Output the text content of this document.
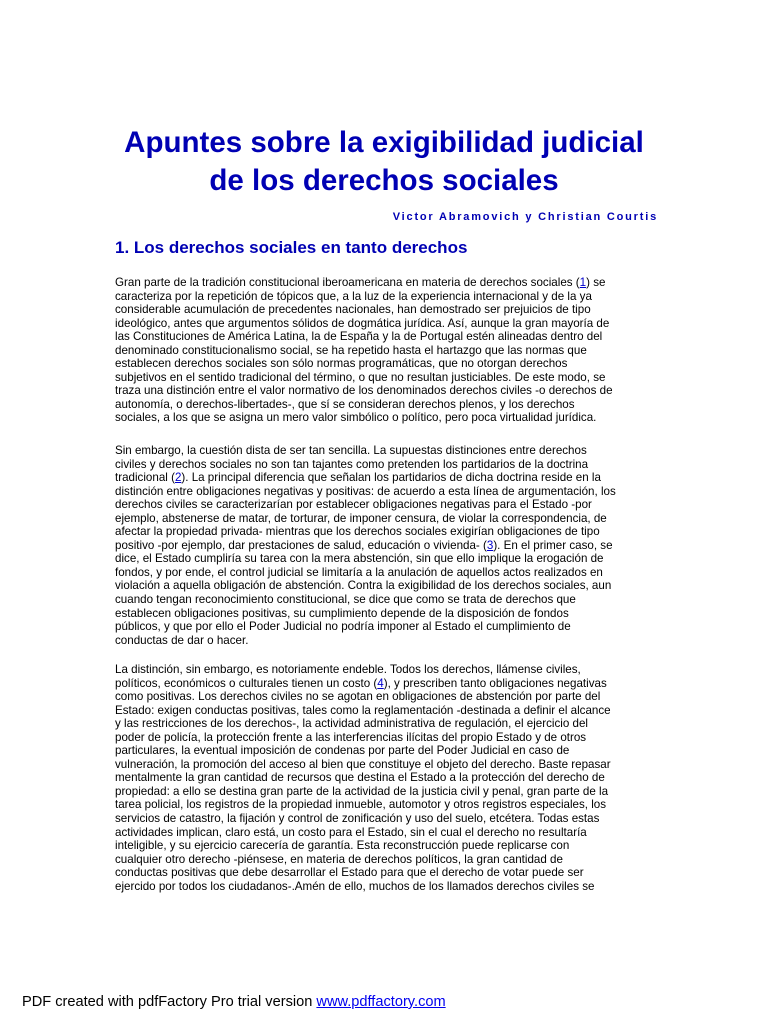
Apuntes sobre la exigibilidad judicial
de los derechos sociales

Victor Abramovich y Christian Courtis

1. Los derechos sociales en tanto derechos

Gran parte de la tradición constitucional iberoamericana en materia de derechos sociales (1) se
caracteriza por la repetición de tópicos que, a la luz de la experiencia internacional y de la ya
considerable acumulación de precedentes nacionales, han demostrado ser prejuicios de tipo
ideológico, antes que argumentos sólidos de dogmática jurídica. Así, aunque la gran mayoría de
las Constituciones de América Latina, la de España y la de Portugal estén alineadas dentro del
denominado constitucionalismo social, se ha repetido hasta el hartazgo que las normas que
establecen derechos sociales son sólo normas programáticas, que no otorgan derechos
subjetivos en el sentido tradicional del término, o que no resultan justiciables. De este modo, se
traza una distinción entre el valor normativo de los denominados derechos civiles -o derechos de
autonomía, o derechos-libertades-, que sí se consideran derechos plenos, y los derechos
sociales, a los que se asigna un mero valor simbólico o político, pero poca virtualidad jurídica.

Sin embargo, la cuestión dista de ser tan sencilla. La supuestas distinciones entre derechos
civiles y derechos sociales no son tan tajantes como pretenden los partidarios de la doctrina
tradicional (2). La principal diferencia que señalan los partidarios de dicha doctrina reside en la
distinción entre obligaciones negativas y positivas: de acuerdo a esta línea de argumentación, los
derechos civiles se caracterizarían por establecer obligaciones negativas para el Estado -por
ejemplo, abstenerse de matar, de torturar, de imponer censura, de violar la correspondencia, de
afectar la propiedad privada- mientras que los derechos sociales exigirían obligaciones de tipo
positivo -por ejemplo, dar prestaciones de salud, educación o vivienda- (3). En el primer caso, se
dice, el Estado cumpliría su tarea con la mera abstención, sin que ello implique la erogación de
fondos, y por ende, el control judicial se limitaría a la anulación de aquellos actos realizados en
violación a aquella obligación de abstención. Contra la exigibilidad de los derechos sociales, aun
cuando tengan reconocimiento constitucional, se dice que como se trata de derechos que
establecen obligaciones positivas, su cumplimiento depende de la disposición de fondos
públicos, y que por ello el Poder Judicial no podría imponer al Estado el cumplimiento de
conductas de dar o hacer.

La distinción, sin embargo, es notoriamente endeble. Todos los derechos, llámense civiles,
políticos, económicos o culturales tienen un costo (4), y prescriben tanto obligaciones negativas
como positivas. Los derechos civiles no se agotan en obligaciones de abstención por parte del
Estado: exigen conductas positivas, tales como la reglamentación -destinada a definir el alcance
y las restricciones de los derechos-, la actividad administrativa de regulación, el ejercicio del
poder de policía, la protección frente a las interferencias ilícitas del propio Estado y de otros
particulares, la eventual imposición de condenas por parte del Poder Judicial en caso de
vulneración, la promoción del acceso al bien que constituye el objeto del derecho. Baste repasar
mentalmente la gran cantidad de recursos que destina el Estado a la protección del derecho de
propiedad: a ello se destina gran parte de la actividad de la justicia civil y penal, gran parte de la
tarea policial, los registros de la propiedad inmueble, automotor y otros registros especiales, los
servicios de catastro, la fijación y control de zonificación y uso del suelo, etcétera. Todas estas
actividades implican, claro está, un costo para el Estado, sin el cual el derecho no resultaría
inteligible, y su ejercicio carecería de garantía. Esta reconstrucción puede replicarse con
cualquier otro derecho -piénsese, en materia de derechos políticos, la gran cantidad de
conductas positivas que debe desarrollar el Estado para que el derecho de votar puede ser
ejercido por todos los ciudadanos-.Amén de ello, muchos de los llamados derechos civiles se

PDF created with pdfFactory Pro trial version www.pdffactory.com
